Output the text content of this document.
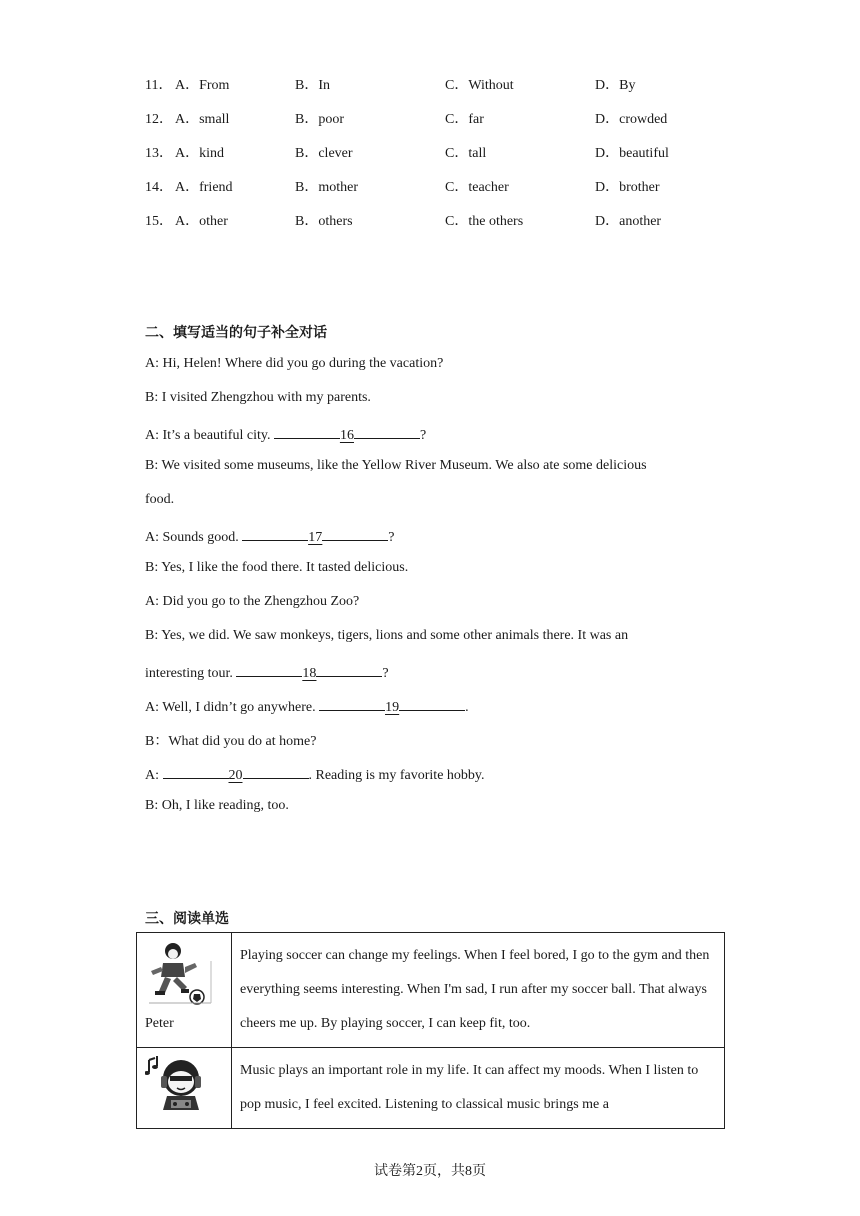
11． A．From	B．In	C．Without	D．By
12． A．small	B．poor	C．far	D．crowded
13． A．kind	B．clever	C．tall	D．beautiful
14． A．friend	B．mother	C．teacher	D．brother
15． A．other	B．others	C．the others	D．another
二、填写适当的句子补全对话
A: Hi, Helen! Where did you go during the vacation?
B: I visited Zhengzhou with my parents.
A: It’s a beautiful city.	16	?
B: We visited some museums, like the Yellow River Museum. We also ate some delicious
food.
A: Sounds good.	17	?
B: Yes, I like the food there. It tasted delicious.
A: Did you go to the Zhengzhou Zoo?
B: Yes, we did. We saw monkeys, tigers, lions and some other animals there. It was an
interesting tour.	18	?
A: Well, I didn’t go anywhere.	19	.
B：What did you do at home?
A:	20	. Reading is my favorite hobby.
B: Oh, I like reading, too.
三、阅读单选
Peter	Playing soccer can change my feelings. When I feel bored, I go to the gym and then everything seems interesting. When I'm sad, I run after my soccer ball. That always cheers me up. By playing soccer, I can keep fit, too.

	Music plays an important role in my life. It can affect my moods. When I listen to pop music, I feel excited. Listening to classical music brings me a
试卷第2页，共8页
